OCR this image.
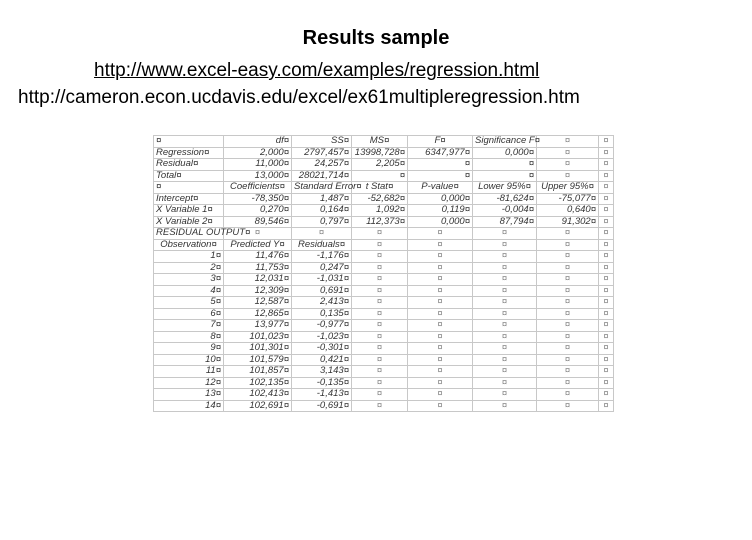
Results sample
http://www.excel-easy.com/examples/regression.html
http://cameron.econ.ucdavis.edu/excel/ex61multipleregression.htm
¤	df¤	SS¤	MS¤	F¤	Significance F¤	¤	¤
Regression¤	2,000¤	2797,457¤	13998,728¤	6347,977¤	0,000¤	¤	¤
Residual¤	11,000¤	24,257¤	2,205¤	¤	¤	¤	¤
Total¤	13,000¤	28021,714¤	¤	¤	¤	¤	¤
¤	Coefficients¤	Standard Error¤	t Stat¤	P-value¤	Lower 95%¤	Upper 95%¤	¤
Intercept¤	-78,350¤	1,487¤	-52,682¤	0,000¤	-81,624¤	-75,077¤	¤
X Variable 1¤	0,270¤	0,164¤	1,092¤	0,119¤	-0,004¤	0,640¤	¤
X Variable 2¤	89,546¤	0,797¤	112,373¤	0,000¤	87,794¤	91,302¤	¤
RESIDUAL OUTPUT¤	¤	¤	¤	¤	¤	¤	¤
Observation¤	Predicted Y¤	Residuals¤	¤	¤	¤	¤	¤
1¤	11,476¤	-1,176¤	¤	¤	¤	¤	¤
2¤	11,753¤	0,247¤	¤	¤	¤	¤	¤
3¤	12,031¤	-1,031¤	¤	¤	¤	¤	¤
4¤	12,309¤	0,691¤	¤	¤	¤	¤	¤
5¤	12,587¤	2,413¤	¤	¤	¤	¤	¤
6¤	12,865¤	0,135¤	¤	¤	¤	¤	¤
7¤	13,977¤	-0,977¤	¤	¤	¤	¤	¤
8¤	101,023¤	-1,023¤	¤	¤	¤	¤	¤
9¤	101,301¤	-0,301¤	¤	¤	¤	¤	¤
10¤	101,579¤	0,421¤	¤	¤	¤	¤	¤
11¤	101,857¤	3,143¤	¤	¤	¤	¤	¤
12¤	102,135¤	-0,135¤	¤	¤	¤	¤	¤
13¤	102,413¤	-1,413¤	¤	¤	¤	¤	¤
14¤	102,691¤	-0,691¤	¤	¤	¤	¤	¤
